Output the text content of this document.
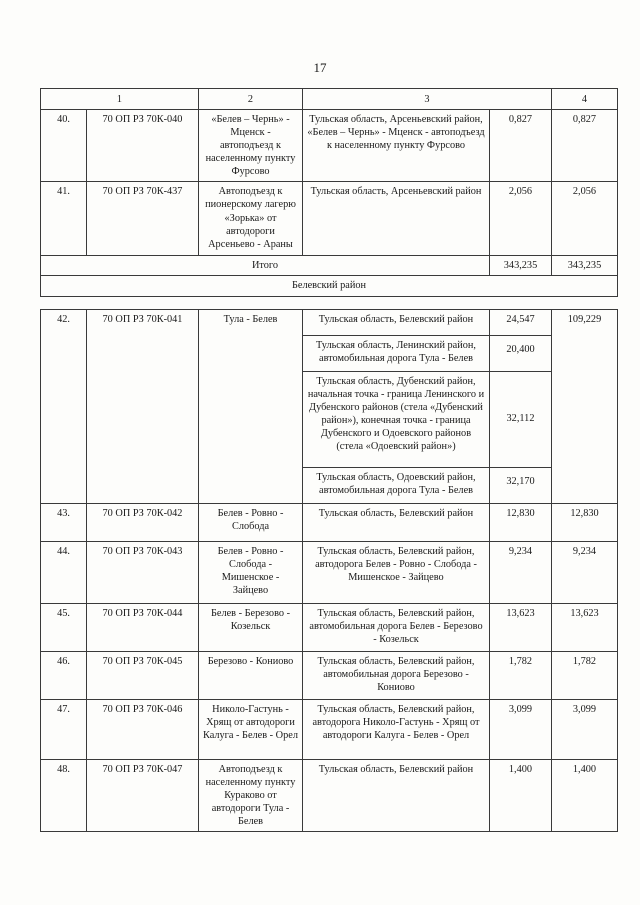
17
1		2	3		4
40.	70 ОП РЗ 70К-040	«Белев – Чернь» - Мценск - автоподъезд к населенному пункту Фурсово	Тульская область, Арсеньевский район, «Белев – Чернь» - Мценск - автоподъезд к населенному пункту Фурсово	0,827	0,827
41.	70 ОП РЗ 70К-437	Автоподъезд к пионерскому лагерю «Зорька» от автодороги Арсеньево - Араны	Тульская область, Арсеньевский район	2,056	2,056
Итого				343,235	343,235
Белевский район					

42.	70 ОП РЗ 70К-041	Тула - Белев	Тульская область, Белевский район	24,547	109,229
			Тульская область, Ленинский район, автомобильная дорога Тула - Белев	20,400	
			Тульская область, Дубенский район, начальная точка - граница Ленинского и Дубенского районов (стела «Дубенский район»), конечная точка - граница Дубенского и Одоевского районов (стела «Одоевский район»)	32,112	
			Тульская область, Одоевский район, автомобильная дорога Тула - Белев	32,170	
43.	70 ОП РЗ 70К-042	Белев - Ровно - Слобода	Тульская область, Белевский район	12,830	12,830
44.	70 ОП РЗ 70К-043	Белев - Ровно - Слобода - Мишенское - Зайцево	Тульская область, Белевский район, автодорога Белев - Ровно - Слобода - Мишенское - Зайцево	9,234	9,234
45.	70 ОП РЗ 70К-044	Белев - Березово - Козельск	Тульская область, Белевский район, автомобильная дорога Белев - Березово - Козельск	13,623	13,623
46.	70 ОП РЗ 70К-045	Березово - Кониово	Тульская область, Белевский район, автомобильная дорога Березово - Кониово	1,782	1,782
47.	70 ОП РЗ 70К-046	Николо-Гастунь - Хрящ от автодороги Калуга - Белев - Орел	Тульская область, Белевский район, автодорога Николо-Гастунь - Хрящ от автодороги Калуга - Белев - Орел	3,099	3,099
48.	70 ОП РЗ 70К-047	Автоподъезд к населенному пункту Кураково от автодороги Тула - Белев	Тульская область, Белевский район	1,400	1,400
